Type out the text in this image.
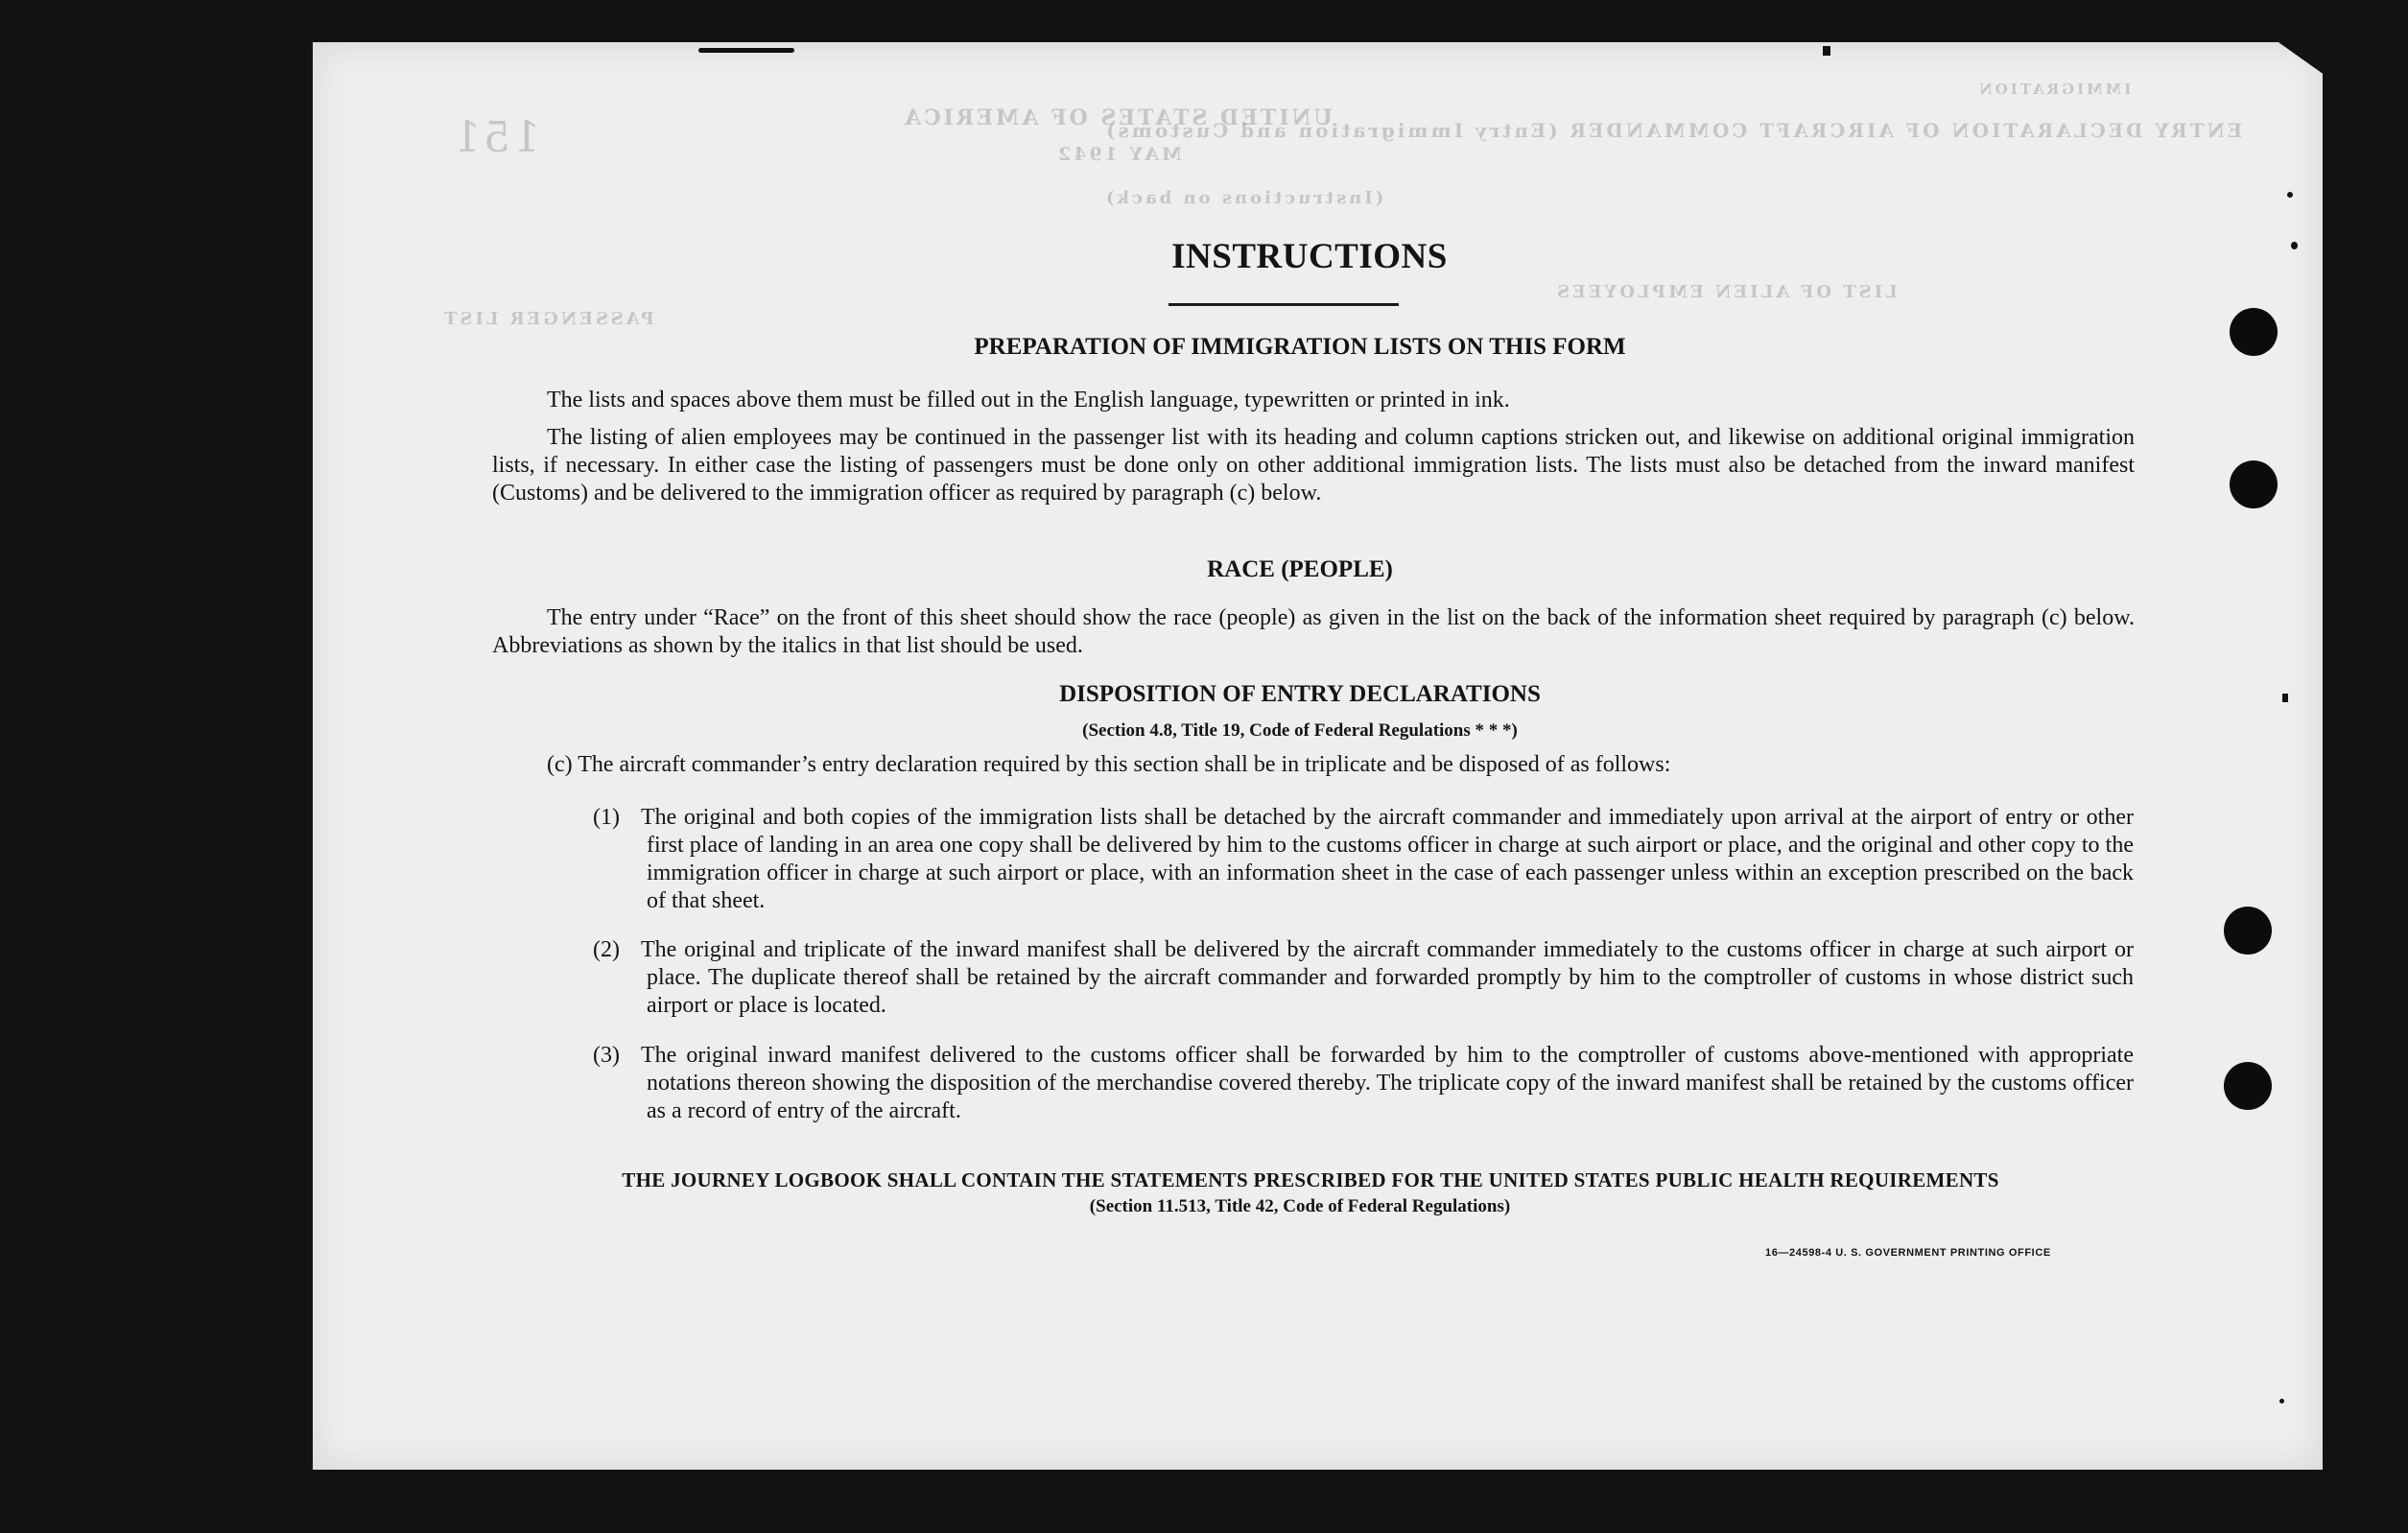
UNITED STATES OF AMERICA
ENTRY DECLARATION OF AIRCRAFT COMMANDER (Entry Immigration and Customs)
151	MAY 1942
(Instructions on back)
LIST OF ALIEN EMPLOYEES
PASSENGER LIST
IMMIGRATION
INSTRUCTIONS
PREPARATION OF IMMIGRATION LISTS ON THIS FORM

The lists and spaces above them must be filled out in the English language, typewritten or printed in ink.

The listing of alien employees may be continued in the passenger list with its heading and column captions stricken out, and likewise on additional original immigration lists, if necessary. In either case the listing of passengers must be done only on other additional immigration lists. The lists must also be detached from the inward manifest (Customs) and be delivered to the immigration officer as required by paragraph (c) below.

RACE (PEOPLE)

The entry under “Race” on the front of this sheet should show the race (people) as given in the list on the back of the information sheet required by paragraph (c) below. Abbreviations as shown by the italics in that list should be used.

DISPOSITION OF ENTRY DECLARATIONS

(Section 4.8, Title 19, Code of Federal Regulations * * *)

(c) The aircraft commander’s entry declaration required by this section shall be in triplicate and be disposed of as follows:

(1) The original and both copies of the immigration lists shall be detached by the aircraft commander and immediately upon arrival at the airport of entry or other first place of landing in an area one copy shall be delivered by him to the customs officer in charge at such airport or place, and the original and other copy to the immigration officer in charge at such airport or place, with an information sheet in the case of each passenger unless within an exception prescribed on the back of that sheet.

(2) The original and triplicate of the inward manifest shall be delivered by the aircraft commander immediately to the customs officer in charge at such airport or place. The duplicate thereof shall be retained by the aircraft commander and forwarded promptly by him to the comptroller of customs in whose district such airport or place is located.

(3) The original inward manifest delivered to the customs officer shall be forwarded by him to the comptroller of customs above-mentioned with appropriate notations thereon showing the disposition of the merchandise covered thereby. The triplicate copy of the inward manifest shall be retained by the customs officer as a record of entry of the aircraft.

THE JOURNEY LOGBOOK SHALL CONTAIN THE STATEMENTS PRESCRIBED FOR THE UNITED STATES PUBLIC HEALTH REQUIREMENTS

(Section 11.513, Title 42, Code of Federal Regulations)

16—24598-4 U. S. GOVERNMENT PRINTING OFFICE
